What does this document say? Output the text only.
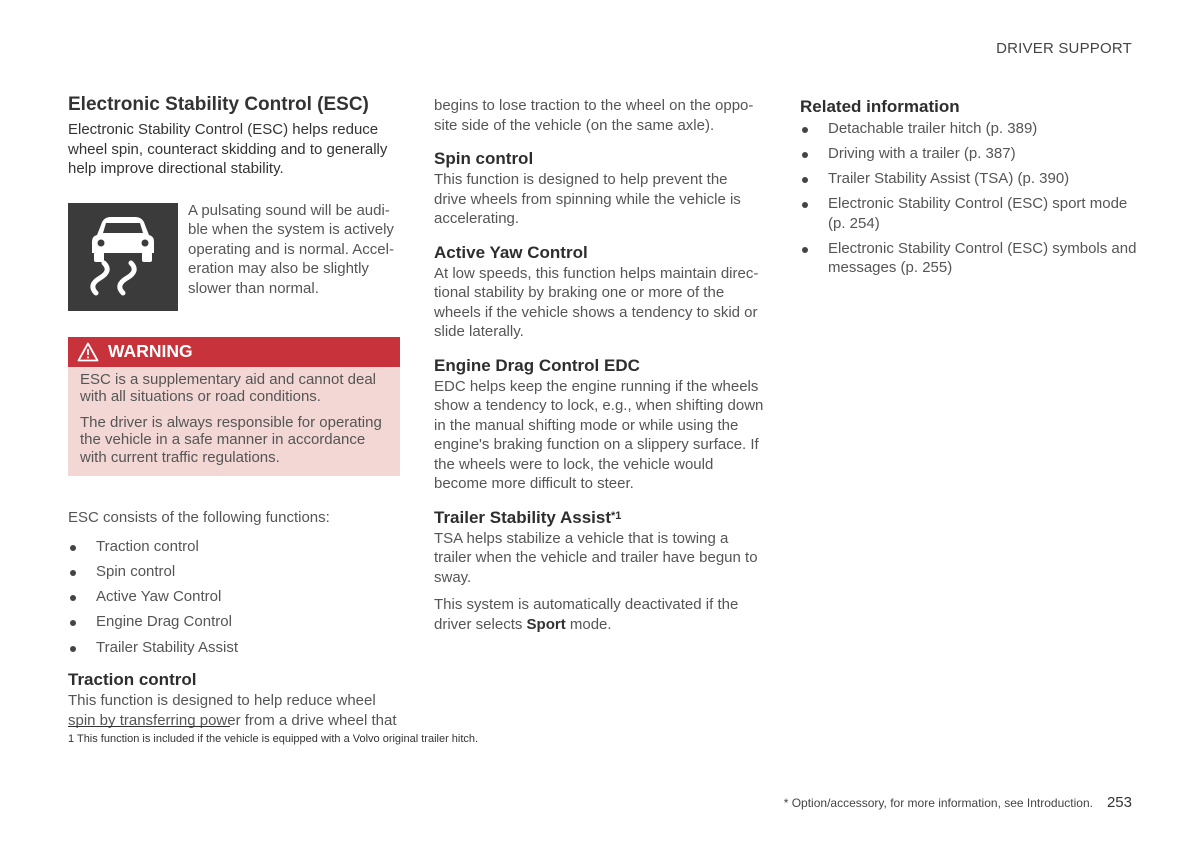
DRIVER SUPPORT
Electronic Stability Control (ESC)

Electronic Stability Control (ESC) helps reduce wheel spin, counteract skidding and to generally help improve directional stability.

A pulsating sound will be audi-ble when the system is actively operating and is normal. Accel-eration may also be slightly slower than normal.
WARNING

ESC is a supplementary aid and cannot deal with all situations or road conditions.

The driver is always responsible for operating the vehicle in a safe manner in accordance with current traffic regulations.

ESC consists of the following functions:

Traction control
Spin control
Active Yaw Control
Engine Drag Control
Trailer Stability Assist
Traction control

This function is designed to help reduce wheel spin by transferring power from a drive wheel that

begins to lose traction to the wheel on the oppo-site side of the vehicle (on the same axle).

Spin control

This function is designed to help prevent the drive wheels from spinning while the vehicle is accelerating.

Active Yaw Control

At low speeds, this function helps maintain direc-tional stability by braking one or more of the wheels if the vehicle shows a tendency to skid or slide laterally.

Engine Drag Control EDC

EDC helps keep the engine running if the wheels show a tendency to lock, e.g., when shifting down in the manual shifting mode or while using the engine's braking function on a slippery surface. If the wheels were to lock, the vehicle would become more difficult to steer.

Trailer Stability Assist$^{*1}$

TSA helps stabilize a vehicle that is towing a trailer when the vehicle and trailer have begun to sway.

This system is automatically deactivated if the driver selects Sport mode.

Related information
Detachable trailer hitch (p. 389)
Driving with a trailer (p. 387)
Trailer Stability Assist (TSA) (p. 390)
Electronic Stability Control (ESC) sport mode (p. 254)
Electronic Stability Control (ESC) symbols and messages (p. 255)
1 This function is included if the vehicle is equipped with a Volvo original trailer hitch.
* Option/accessory, for more information, see Introduction. 253
